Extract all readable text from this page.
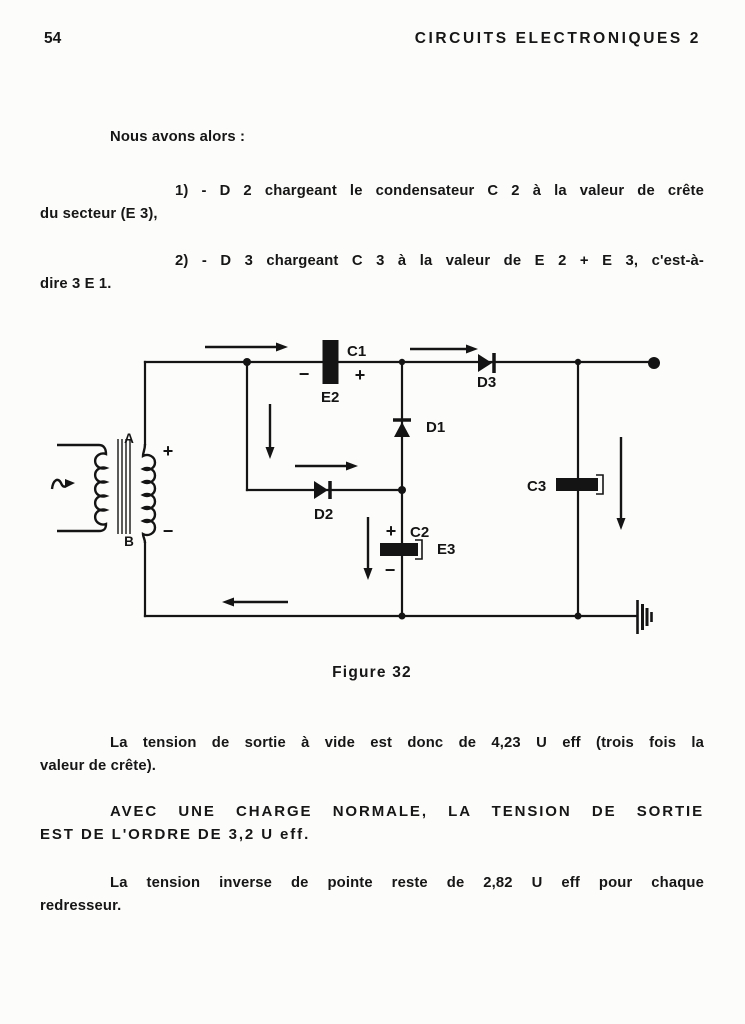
54	CIRCUITS ELECTRONIQUES 2
Nous avons alors :
1) - D 2 chargeant le condensateur C 2 à la valeur de crête
du secteur (E 3),
2) - D 3 chargeant C 3 à la valeur de E 2 + E 3, c'est-à-
dire 3 E 1.
A
B
+
−
C1
E2
−	+	D3
D1
D2
+ C2
E3
−
C3
Figure 32
La tension de sortie à vide est donc de 4,23 U eff (trois fois la
valeur de crête).
AVEC UNE CHARGE NORMALE, LA TENSION DE SORTIE
EST DE L'ORDRE DE 3,2 U eff.
La tension inverse de pointe reste de 2,82 U eff pour chaque
redresseur.
